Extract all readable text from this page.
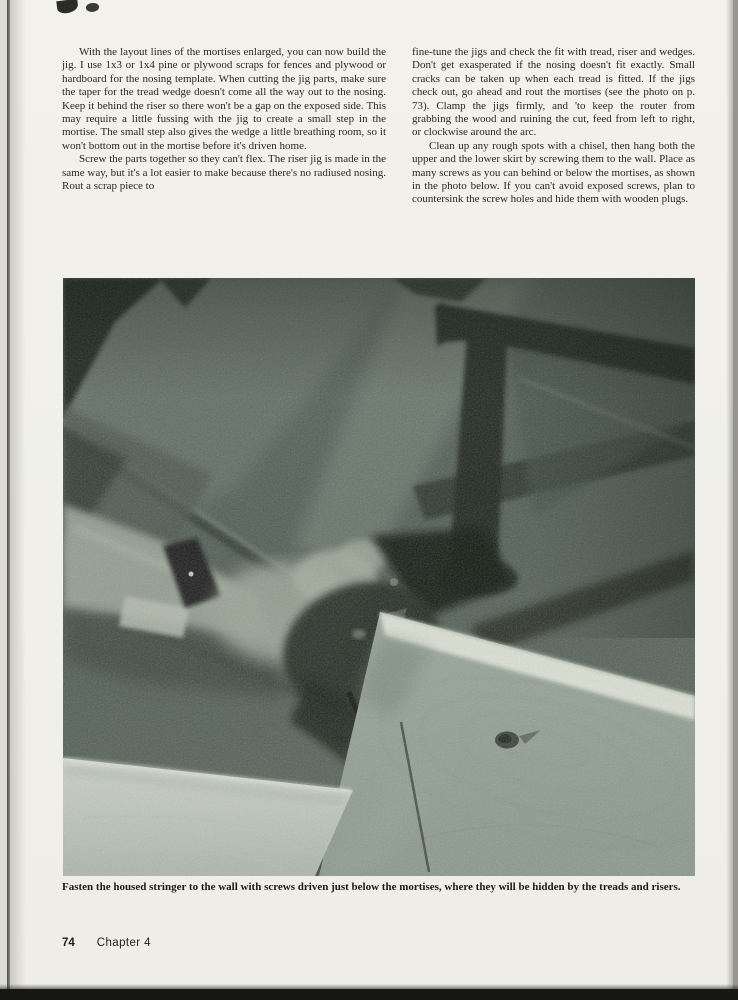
With the layout lines of the mortises enlarged, you can now build the jig. I use 1x3 or 1x4 pine or plywood scraps for fences and plywood or hardboard for the nosing template. When cutting the jig parts, make sure the taper for the tread wedge doesn't come all the way out to the nosing. Keep it behind the riser so there won't be a gap on the exposed side. This may require a little fussing with the jig to create a small step in the mortise. The small step also gives the wedge a little breathing room, so it won't bottom out in the mortise before it's driven home.

Screw the parts together so they can't flex. The riser jig is made in the same way, but it's a lot easier to make because there's no radiused nosing. Rout a scrap piece to

fine-tune the jigs and check the fit with tread, riser and wedges. Don't get exasperated if the nosing doesn't fit exactly. Small cracks can be taken up when each tread is fitted. If the jigs check out, go ahead and rout the mortises (see the photo on p. 73). Clamp the jigs firmly, and 'to keep the router from grabbing the wood and ruining the cut, feed from left to right, or clockwise around the arc.

Clean up any rough spots with a chisel, then hang both the upper and the lower skirt by screwing them to the wall. Place as many screws as you can behind or below the mortises, as shown in the photo below. If you can't avoid exposed screws, plan to countersink the screw holes and hide them with wooden plugs.

Fasten the housed stringer to the wall with screws driven just below the mortises, where they will be hidden by the treads and risers.
74 Chapter 4
